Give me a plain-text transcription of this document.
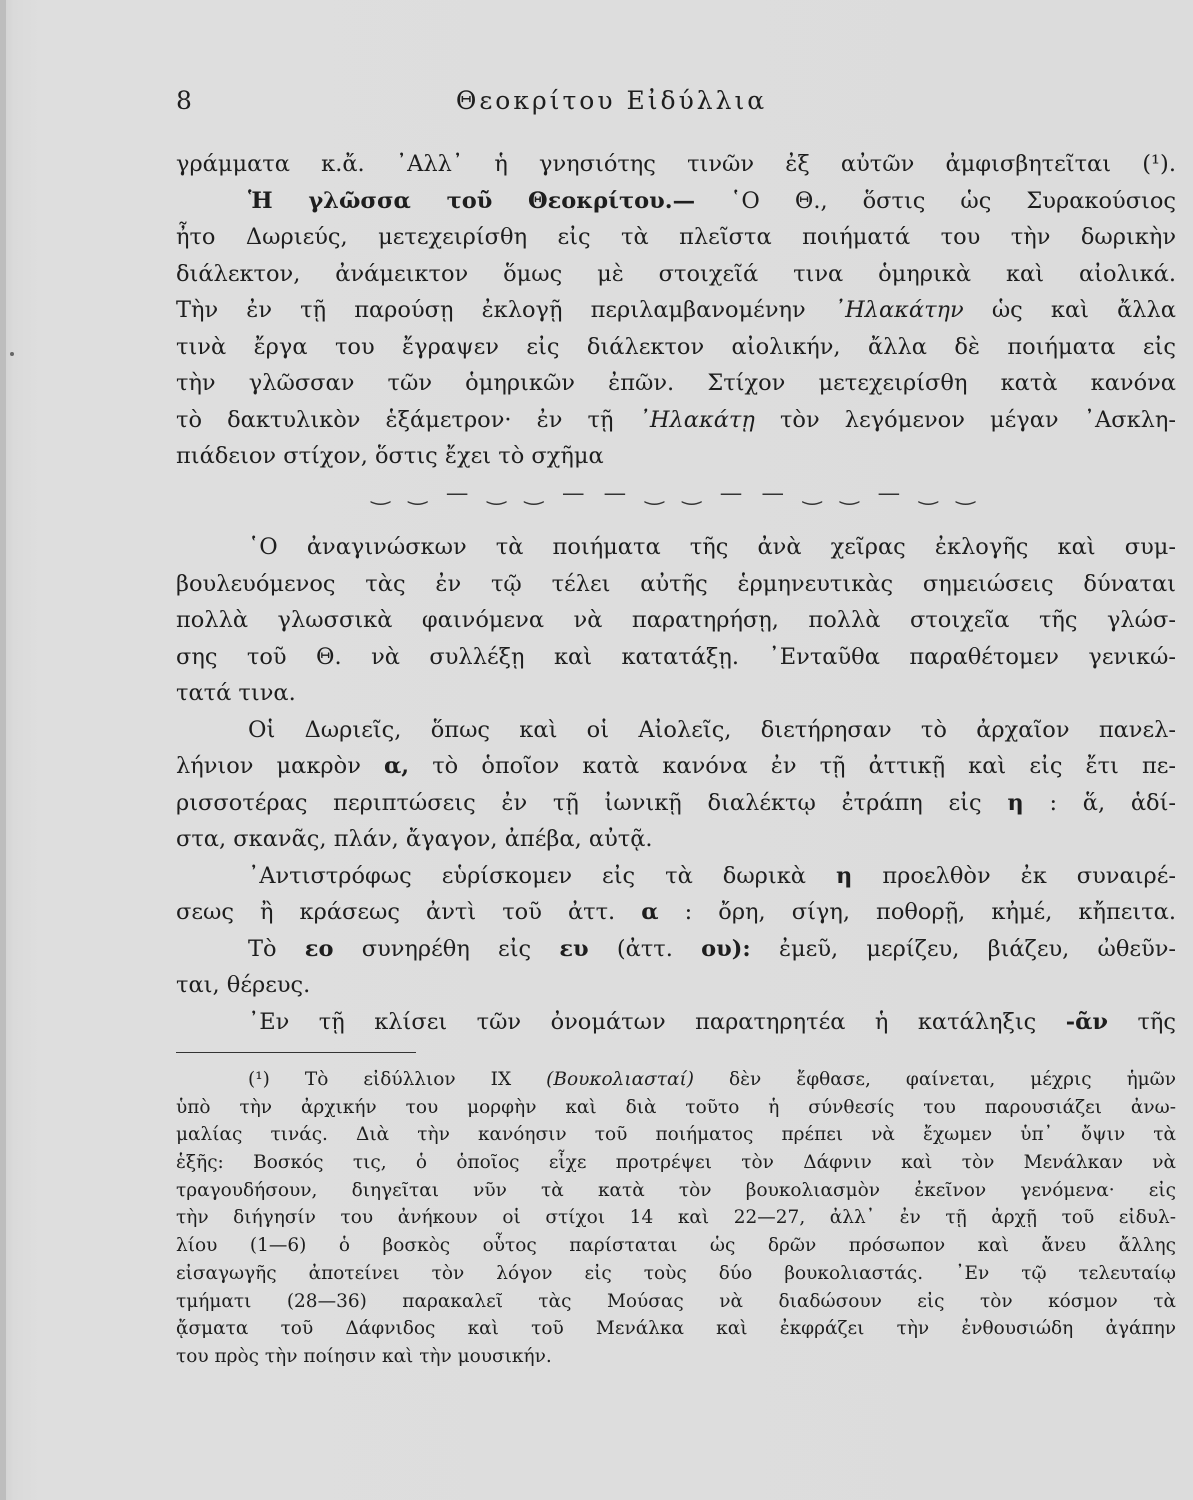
8	Θεοκρίτου Εἰδύλλια
γράμματα κ.ἄ. ᾿Αλλ᾿ ἡ γνησιότης τινῶν ἐξ αὐτῶν ἀμφισβητεῖται (¹).
Ἡ γλῶσσα τοῦ Θεοκρίτου.— ῾Ο Θ., ὅστις ὡς Συρακούσιος
ἦτο Δωριεύς, μετεχειρίσθη εἰς τὰ πλεῖστα ποιήματά του τὴν δωρικὴν
διάλεκτον, ἀνάμεικτον ὅμως μὲ στοιχεῖά τινα ὁμηρικὰ καὶ αἰολικά.
Τὴν ἐν τῇ παρούσῃ ἐκλογῇ περιλαμβανομένην ᾿Ηλακάτην ὡς καὶ ἄλλα
τινὰ ἔργα του ἔγραψεν εἰς διάλεκτον αἰολικήν, ἄλλα δὲ ποιήματα εἰς
τὴν γλῶσσαν τῶν ὁμηρικῶν ἐπῶν. Στίχον μετεχειρίσθη κατὰ κανόνα
τὸ δακτυλικὸν ἑξάμετρον· ἐν τῇ ᾿Ηλακάτῃ τὸν λεγόμενον μέγαν ᾿Ασκλη-
πιάδειον στίχον, ὅστις ἔχει τὸ σχῆμα
‿ ‿ — ‿ ‿ — — ‿ ‿ — — ‿ ‿ — ‿ ‿
῾Ο ἀναγινώσκων τὰ ποιήματα τῆς ἀνὰ χεῖρας ἐκλογῆς καὶ συμ-
βουλευόμενος τὰς ἐν τῷ τέλει αὐτῆς ἑρμηνευτικὰς σημειώσεις δύναται
πολλὰ γλωσσικὰ φαινόμενα νὰ παρατηρήσῃ, πολλὰ στοιχεῖα τῆς γλώσ-
σης τοῦ Θ. νὰ συλλέξῃ καὶ κατατάξῃ. ᾿Ενταῦθα παραθέτομεν γενικώ-
τατά τινα.
Οἱ Δωριεῖς, ὅπως καὶ οἱ Αἰολεῖς, διετήρησαν τὸ ἀρχαῖον πανελ-
λήνιον μακρὸν α, τὸ ὁποῖον κατὰ κανόνα ἐν τῇ ἀττικῇ καὶ εἰς ἔτι πε-
ρισσοτέρας περιπτώσεις ἐν τῇ ἰωνικῇ διαλέκτῳ ἐτράπη εἰς η : ἅ, ἁδί-
στα, σκανᾶς, πλάν, ἄγαγον, ἀπέβα, αὐτᾷ.
᾿Αντιστρόφως εὑρίσκομεν εἰς τὰ δωρικὰ η προελθὸν ἐκ συναιρέ-
σεως ἢ κράσεως ἀντὶ τοῦ ἀττ. α : ὄρη, σίγη, ποθορῇ, κἠμέ, κἤπειτα.
Τὸ εο συνηρέθη εἰς ευ (ἀττ. ου): ἐμεῦ, μερίζευ, βιάζευ, ὠθεῦν-
ται, θέρευς.
᾿Εν τῇ κλίσει τῶν ὀνομάτων παρατηρητέα ἡ κατάληξις -ᾶν τῆς
(¹) Τὸ εἰδύλλιον IX (Βουκολιασταί) δὲν ἔφθασε, φαίνεται, μέχρις ἡμῶν
ὑπὸ τὴν ἀρχικήν του μορφὴν καὶ διὰ τοῦτο ἡ σύνθεσίς του παρουσιάζει ἀνω-
μαλίας τινάς. Διὰ τὴν κανόησιν τοῦ ποιήματος πρέπει νὰ ἔχωμεν ὑπ᾿ ὄψιν τὰ
ἑξῆς: Βοσκός τις, ὁ ὁποῖος εἶχε προτρέψει τὸν Δάφνιν καὶ τὸν Μενάλκαν νὰ
τραγουδήσουν, διηγεῖται νῦν τὰ κατὰ τὸν βουκολιασμὸν ἐκεῖνον γενόμενα· εἰς
τὴν διήγησίν του ἀνήκουν οἱ στίχοι 14 καὶ 22—27, ἀλλ᾿ ἐν τῇ ἀρχῇ τοῦ εἰδυλ-
λίου (1—6) ὁ βοσκὸς οὗτος παρίσταται ὡς δρῶν πρόσωπον καὶ ἄνευ ἄλλης
εἰσαγωγῆς ἀποτείνει τὸν λόγον εἰς τοὺς δύο βουκολιαστάς. ᾿Εν τῷ τελευταίῳ
τμήματι (28—36) παρακαλεῖ τὰς Μούσας νὰ διαδώσουν εἰς τὸν κόσμον τὰ
ᾄσματα τοῦ Δάφνιδος καὶ τοῦ Μενάλκα καὶ ἐκφράζει τὴν ἐνθουσιώδη ἀγάπην
του πρὸς τὴν ποίησιν καὶ τὴν μουσικήν.
